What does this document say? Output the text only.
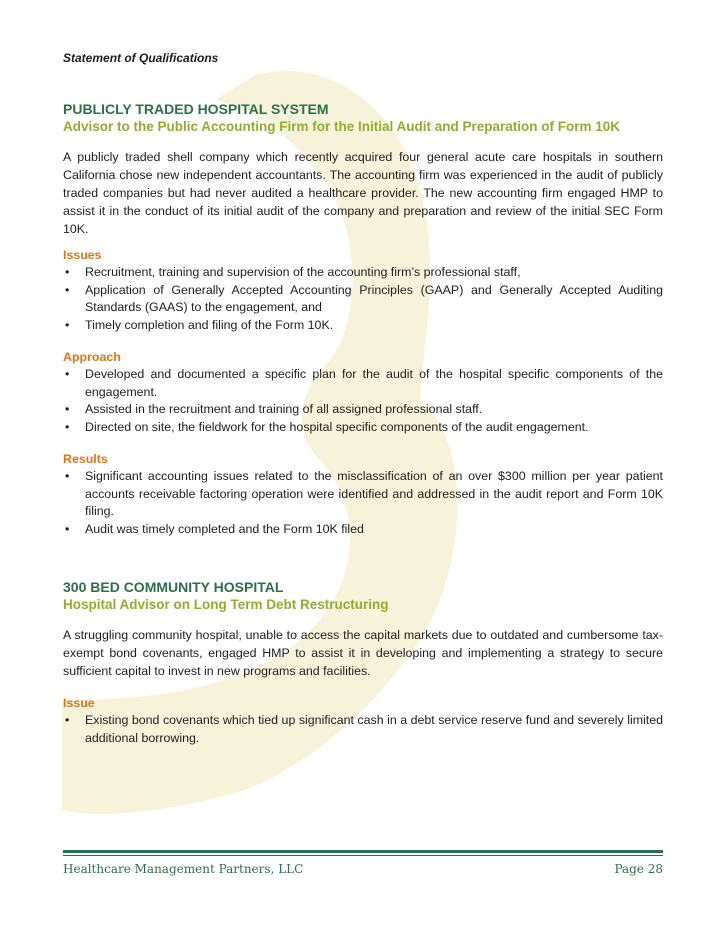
Statement of Qualifications

PUBLICLY TRADED HOSPITAL SYSTEM
Advisor to the Public Accounting Firm for the Initial Audit and Preparation of Form 10K

A publicly traded shell company which recently acquired four general acute care hospitals in southern California chose new independent accountants. The accounting firm was experienced in the audit of publicly traded companies but had never audited a healthcare provider. The new accounting firm engaged HMP to assist it in the conduct of its initial audit of the company and preparation and review of the initial SEC Form 10K.

Issues

• Recruitment, training and supervision of the accounting firm’s professional staff,
• Application of Generally Accepted Accounting Principles (GAAP) and Generally Accepted Auditing Standards (GAAS) to the engagement, and
• Timely completion and filing of the Form 10K.

Approach

• Developed and documented a specific plan for the audit of the hospital specific components of the engagement.
• Assisted in the recruitment and training of all assigned professional staff.
• Directed on site, the fieldwork for the hospital specific components of the audit engagement.

Results

• Significant accounting issues related to the misclassification of an over $300 million per year patient accounts receivable factoring operation were identified and addressed in the audit report and Form 10K filing.
• Audit was timely completed and the Form 10K filed
300 BED COMMUNITY HOSPITAL
Hospital Advisor on Long Term Debt Restructuring

A struggling community hospital, unable to access the capital markets due to outdated and cumbersome tax-exempt bond covenants, engaged HMP to assist it in developing and implementing a strategy to secure sufficient capital to invest in new programs and facilities.

Issue

• Existing bond covenants which tied up significant cash in a debt service reserve fund and severely limited additional borrowing.
Healthcare Management Partners, LLC	Page 28
